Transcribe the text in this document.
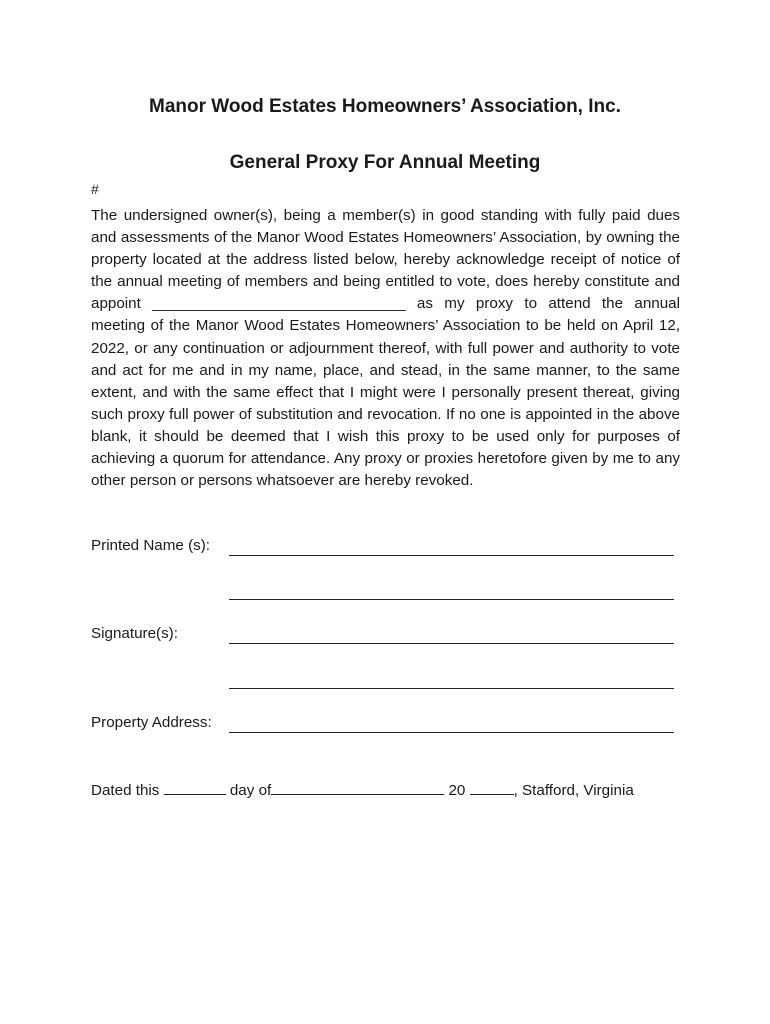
Manor Wood Estates Homeowners’ Association, Inc.
General Proxy For Annual Meeting
#
The undersigned owner(s), being a member(s) in good standing with fully paid dues and assessments of the Manor Wood Estates Homeowners’ Association, by owning the property located at the address listed below, hereby acknowledge receipt of notice of the annual meeting of members and being entitled to vote, does hereby constitute and appoint ______________________________ as my proxy to attend the annual meeting of the Manor Wood Estates Homeowners’ Association to be held on April 12, 2022, or any continuation or adjournment thereof, with full power and authority to vote and act for me and in my name, place, and stead, in the same manner, to the same extent, and with the same effect that I might were I personally present thereat, giving such proxy full power of substitution and revocation. If no one is appointed in the above blank, it should be deemed that I wish this proxy to be used only for purposes of achieving a quorum for attendance. Any proxy or proxies heretofore given by me to any other person or persons whatsoever are hereby revoked.
Printed Name (s):
Signature(s):
Property Address:
Dated this	day of	20	, Stafford, Virginia
